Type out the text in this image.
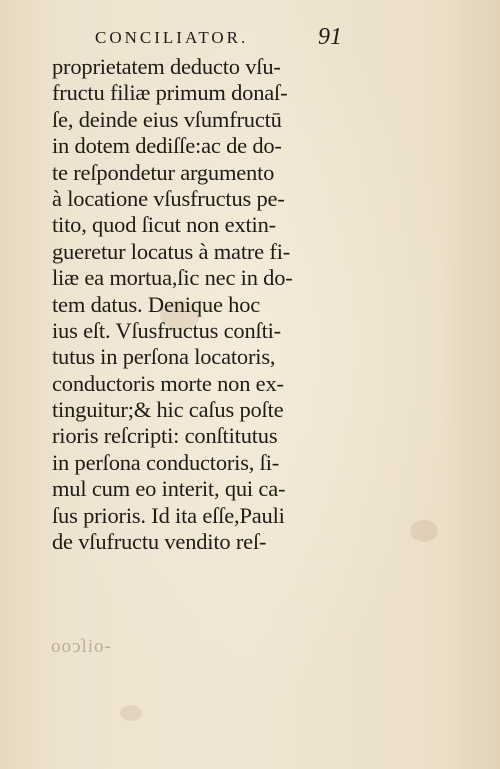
CONCILIATOR.	91
proprietatem deducto vſu-
fructu filiæ primum donaſ-
ſe, deinde eius vſumfructū
in dotem dediſſe:ac de do-
te reſpondetur argumento
à locatione vſusfructus pe-
tito, quod ſicut non extin-
gueretur locatus à matre fi-
liæ ea mortua,ſic nec in do-
tem datus. Denique hoc
ius eſt. Vſusfructus conſti-
tutus in perſona locatoris,
conductoris morte non ex-
tinguitur;& hic caſus poſte
rioris reſcripti: conſtitutus
in perſona conductoris, ſi-
mul cum eo interit, qui ca-
ſus prioris. Id ita eſſe,Pauli
de vſufructu vendito reſ-
-oiſcoo
